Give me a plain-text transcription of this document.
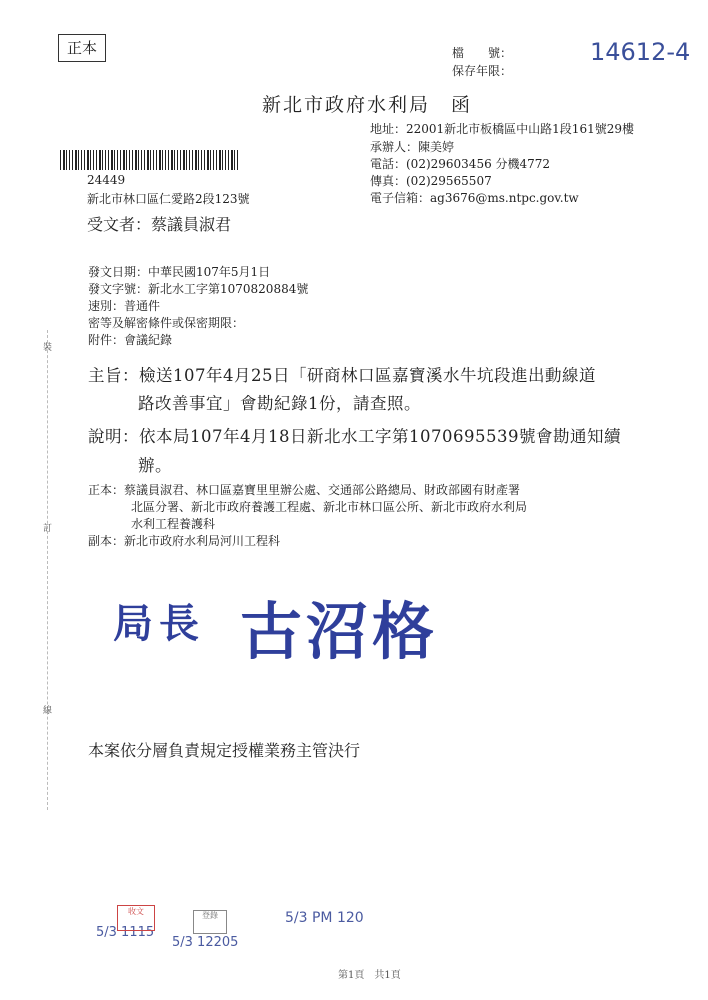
正本	檔　　號：
保存年限：
14612-4
新北市政府水利局　函
地址：22001新北市板橋區中山路1段161號29樓
承辦人：陳美婷
電話：(02)29603456 分機4772
傳真：(02)29565507
電子信箱：ag3676@ms.ntpc.gov.tw
24449
新北市林口區仁愛路2段123號
受文者：蔡議員淑君
發文日期：中華民國107年5月1日
發文字號：新北水工字第1070820884號
速別：普通件
密等及解密條件或保密期限：
附件：會議紀錄
主旨：檢送107年4月25日「研商林口區嘉寶溪水牛坑段進出動線道
路改善事宜」會勘紀錄1份，請查照。
說明：依本局107年4月18日新北水工字第1070695539號會勘通知續
辦。
正本：蔡議員淑君、林口區嘉寶里里辦公處、交通部公路總局、財政部國有財產署
北區分署、新北市政府養護工程處、新北市林口區公所、新北市政府水利局
水利工程養護科
副本：新北市政府水利局河川工程科
局長 古沼格
本案依分層負責規定授權業務主管決行
裝
訂
線
5/3 1115
收文
5/3 12205
登錄	5/3 PM 120
第1頁　共1頁
